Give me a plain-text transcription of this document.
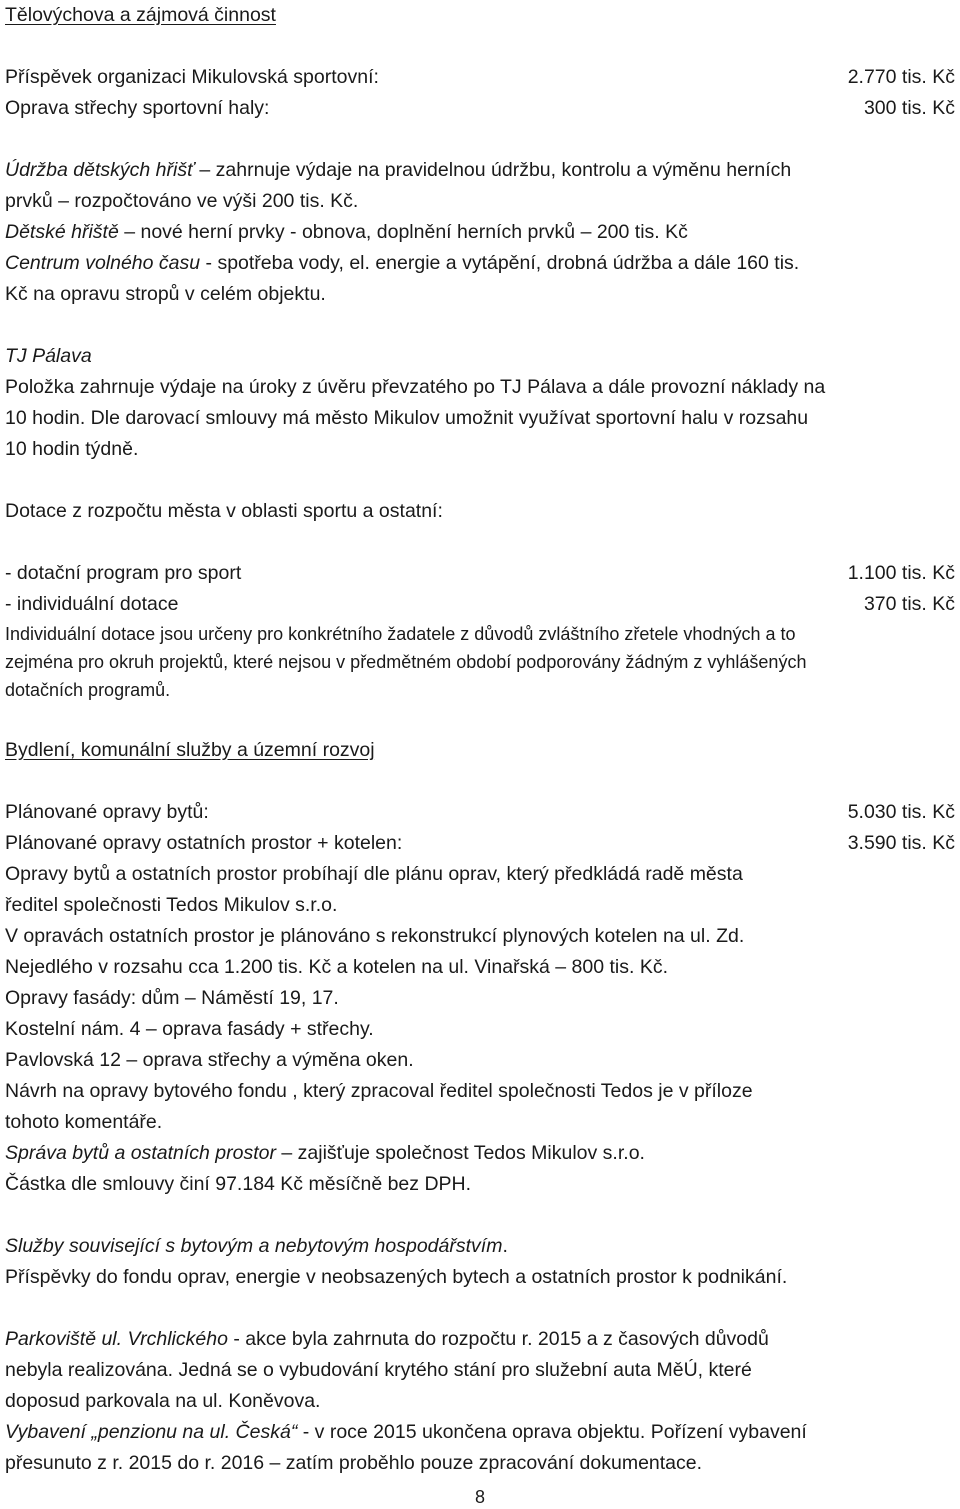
Tělovýchova a zájmová činnost
Příspěvek organizaci Mikulovská sportovní:	2.770 tis. Kč
Oprava střechy sportovní haly:	300 tis. Kč
Údržba dětských hřišť – zahrnuje výdaje na pravidelnou údržbu, kontrolu a výměnu herních
prvků – rozpočtováno ve výši 200 tis. Kč.
Dětské hřiště – nové herní prvky - obnova, doplnění herních prvků – 200 tis. Kč
Centrum volného času - spotřeba vody, el. energie a vytápění, drobná údržba a dále 160 tis.
Kč na opravu stropů v celém objektu.
TJ Pálava
Položka zahrnuje výdaje na úroky z úvěru převzatého po TJ Pálava a dále provozní náklady na
10 hodin. Dle darovací smlouvy má město Mikulov umožnit využívat sportovní halu v rozsahu
10 hodin týdně.
Dotace z rozpočtu města v oblasti sportu a ostatní:
- dotační program pro sport	1.100 tis. Kč
- individuální dotace	370 tis. Kč
Individuální dotace jsou určeny pro konkrétního žadatele z důvodů zvláštního zřetele vhodných a to
zejména pro okruh projektů, které nejsou v předmětném období podporovány žádným z vyhlášených
dotačních programů.
Bydlení, komunální služby a územní rozvoj
Plánované opravy bytů:	5.030 tis. Kč
Plánované opravy ostatních prostor + kotelen:	3.590 tis. Kč
Opravy bytů a ostatních prostor probíhají dle plánu oprav, který předkládá radě města
ředitel společnosti Tedos Mikulov s.r.o.
V opravách ostatních prostor je plánováno s rekonstrukcí plynových kotelen na ul. Zd.
Nejedlého v rozsahu cca 1.200 tis. Kč a kotelen na ul. Vinařská – 800 tis. Kč.
Opravy fasády: dům – Náměstí 19, 17.
Kostelní nám. 4 – oprava fasády + střechy.
Pavlovská 12 – oprava střechy a výměna oken.
Návrh na opravy bytového fondu , který zpracoval ředitel společnosti Tedos je v příloze
tohoto komentáře.
Správa bytů a ostatních prostor – zajišťuje společnost Tedos Mikulov s.r.o.
Částka dle smlouvy činí 97.184 Kč měsíčně bez DPH.
Služby související s bytovým a nebytovým hospodářstvím.
Příspěvky do fondu oprav, energie v neobsazených bytech a ostatních prostor k podnikání.
Parkoviště ul. Vrchlického - akce byla zahrnuta do rozpočtu r. 2015 a z časových důvodů
nebyla realizována. Jedná se o vybudování krytého stání pro služební auta MěÚ, které
doposud parkovala na ul. Koněvova.
Vybavení „penzionu na ul. Česká“ - v roce 2015 ukončena oprava objektu. Pořízení vybavení
přesunuto z r. 2015 do r. 2016 – zatím proběhlo pouze zpracování dokumentace.
8
